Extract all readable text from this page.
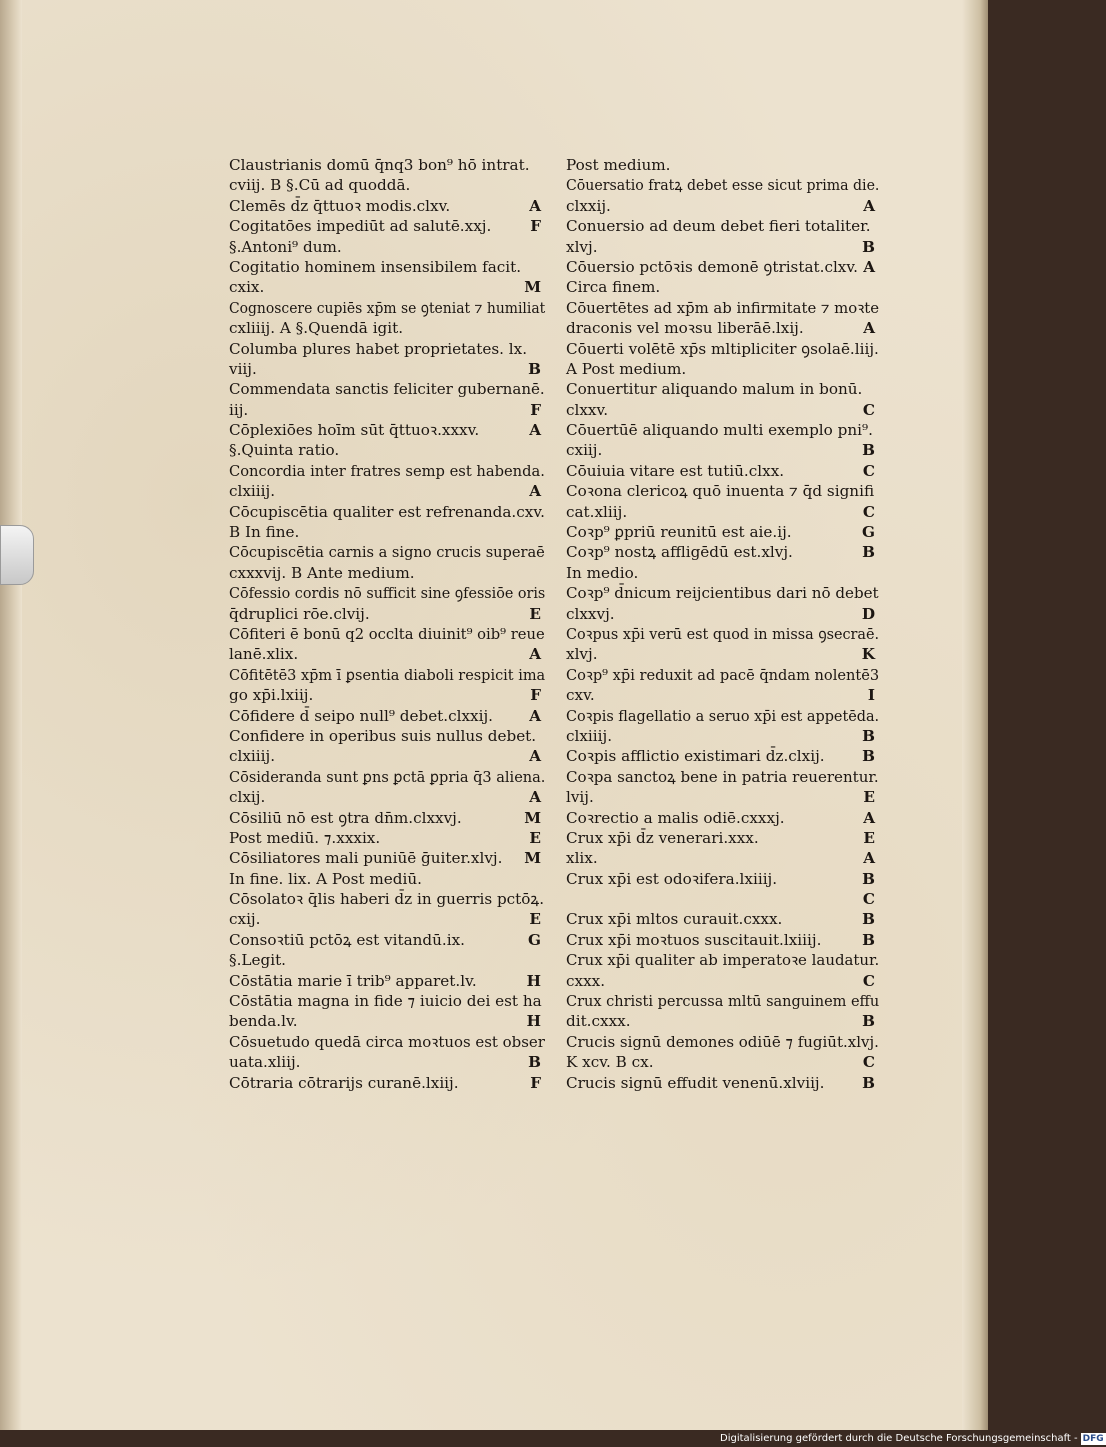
Claustrianis domū q̄nq3 bon⁹ hō intrat.
cviij. B §.Cū ad quoddā.
Clemēs d̄z q̄ttuoꝛ modis.clxv.	A
Cogitatōes impediūt ad salutē.xxj.	F
§.Antoni⁹ dum.
Cogitatio hominem insensibilem facit.
cxix.	M
Cognoscere cupiēs xp̄m se ꝯteniat ⁊ humiliat
cxliiij. A §.Quendā igit.
Columba plures habet proprietates. lx.
viij.	B
Commendata sanctis feliciter gubernanē.
iij.	F
Cōplexiōes hoīm sūt q̄ttuoꝛ.xxxv.	A
§.Quinta ratio.
Concordia inter fratres semp est habenda.
clxiiij.	A
Cōcupiscētia qualiter est refrenanda.cxv.
B In fine.
Cōcupiscētia carnis a signo crucis superaē
cxxxvij. B Ante medium.
Cōfessio cordis nō sufficit sine ꝯfessiōe oris
q̄druplici rōe.clvij.	E
Cōfiteri ē bonū q2 occlta diuinit⁹ oib⁹ reue
lanē.xlix.	A
Cōfitētē3 xp̄m ī ꝑsentia diaboli respicit ima
go xp̄i.lxiij.	F
Cōfidere d̄ seipo null⁹ debet.clxxij. A
Confidere in operibus suis nullus debet.
clxiiij.	A
Cōsideranda sunt ꝑns ꝑctā ꝑpria q̄3 aliena.
clxij.	A
Cōsiliū nō est ꝯtra dn̄m.clxxvj.	M
Post mediū. ⁊.xxxix.	E
Cōsiliatores mali puniūē ḡuiter.xlvj. M
In fine. lix. A Post mediū.
Cōsolatoꝛ q̄lis haberi d̄z in guerris pctōꝝ.
cxij.	E
Consoꝛtiū pctōꝝ est vitandū.ix.	G
§.Legit.
Cōstātia marie ī trib⁹ apparet.lv.	H
Cōstātia magna in fide ⁊ iuicio dei est ha
benda.lv.	H
Cōsuetudo quedā circa moꝛtuos est obser
uata.xliij.	B
Cōtraria cōtrarijs curanē.lxiij.	F
Post medium.
Cōuersatio fratꝝ debet esse sicut prima die.
clxxij.	A
Conuersio ad deum debet fieri totaliter.
xlvj.	B
Cōuersio pctōꝛis demonē ꝯtristat.clxv. A
Circa finem.
Cōuertētes ad xp̄m ab infirmitate ⁊ moꝛte
draconis vel moꝛsu liberāē.lxij.	A
Cōuerti volētē xp̄s mltipliciter ꝯsolaē.liij.
A Post medium.
Conuertitur aliquando malum in bonū.
clxxv.	C
Cōuertūē aliquando multi exemplo pni⁹.
cxiij.	B
Cōuiuia vitare est tutiū.clxx.	C
Coꝛona clericoꝝ quō inuenta ⁊ q̄d signifi
cat.xliij.	C
Coꝛp⁹ ꝑpriū reunitū est aie.ij.	G
Coꝛp⁹ nostꝝ affligēdū est.xlvj.	B
In medio.
Coꝛp⁹ d̄nicum reijcientibus dari nō debet
clxxvj.	D
Coꝛpus xp̄i verū est quod in missa ꝯsecraē.
xlvj.	K
Coꝛp⁹ xp̄i reduxit ad pacē q̄ndam nolentē3
cxv.	I
Coꝛpis flagellatio a seruo xp̄i est appetēda.
clxiiij.	B
Coꝛpis afflictio existimari d̄z.clxij. B
Coꝛpa sanctoꝝ bene in patria reuerentur.
lvij.	E
Coꝛrectio a malis odiē.cxxxj.	A
Crux xp̄i d̄z venerari.xxx.	E
xlix.	A
Crux xp̄i est odoꝛifera.lxiiij.	B
C
Crux xp̄i mltos curauit.cxxx.	B
Crux xp̄i moꝛtuos suscitauit.lxiiij.	B
Crux xp̄i qualiter ab imperatoꝛe laudatur.
cxxx.	C
Crux christi percussa mltū sanguinem effu
dit.cxxx.	B
Crucis signū demones odiūē ⁊ fugiūt.xlvj.
K xcv. B cx.	C
Crucis signū effudit venenū.xlviij. B
Digitalisierung gefördert durch die Deutsche Forschungsgemeinschaft - DFG
